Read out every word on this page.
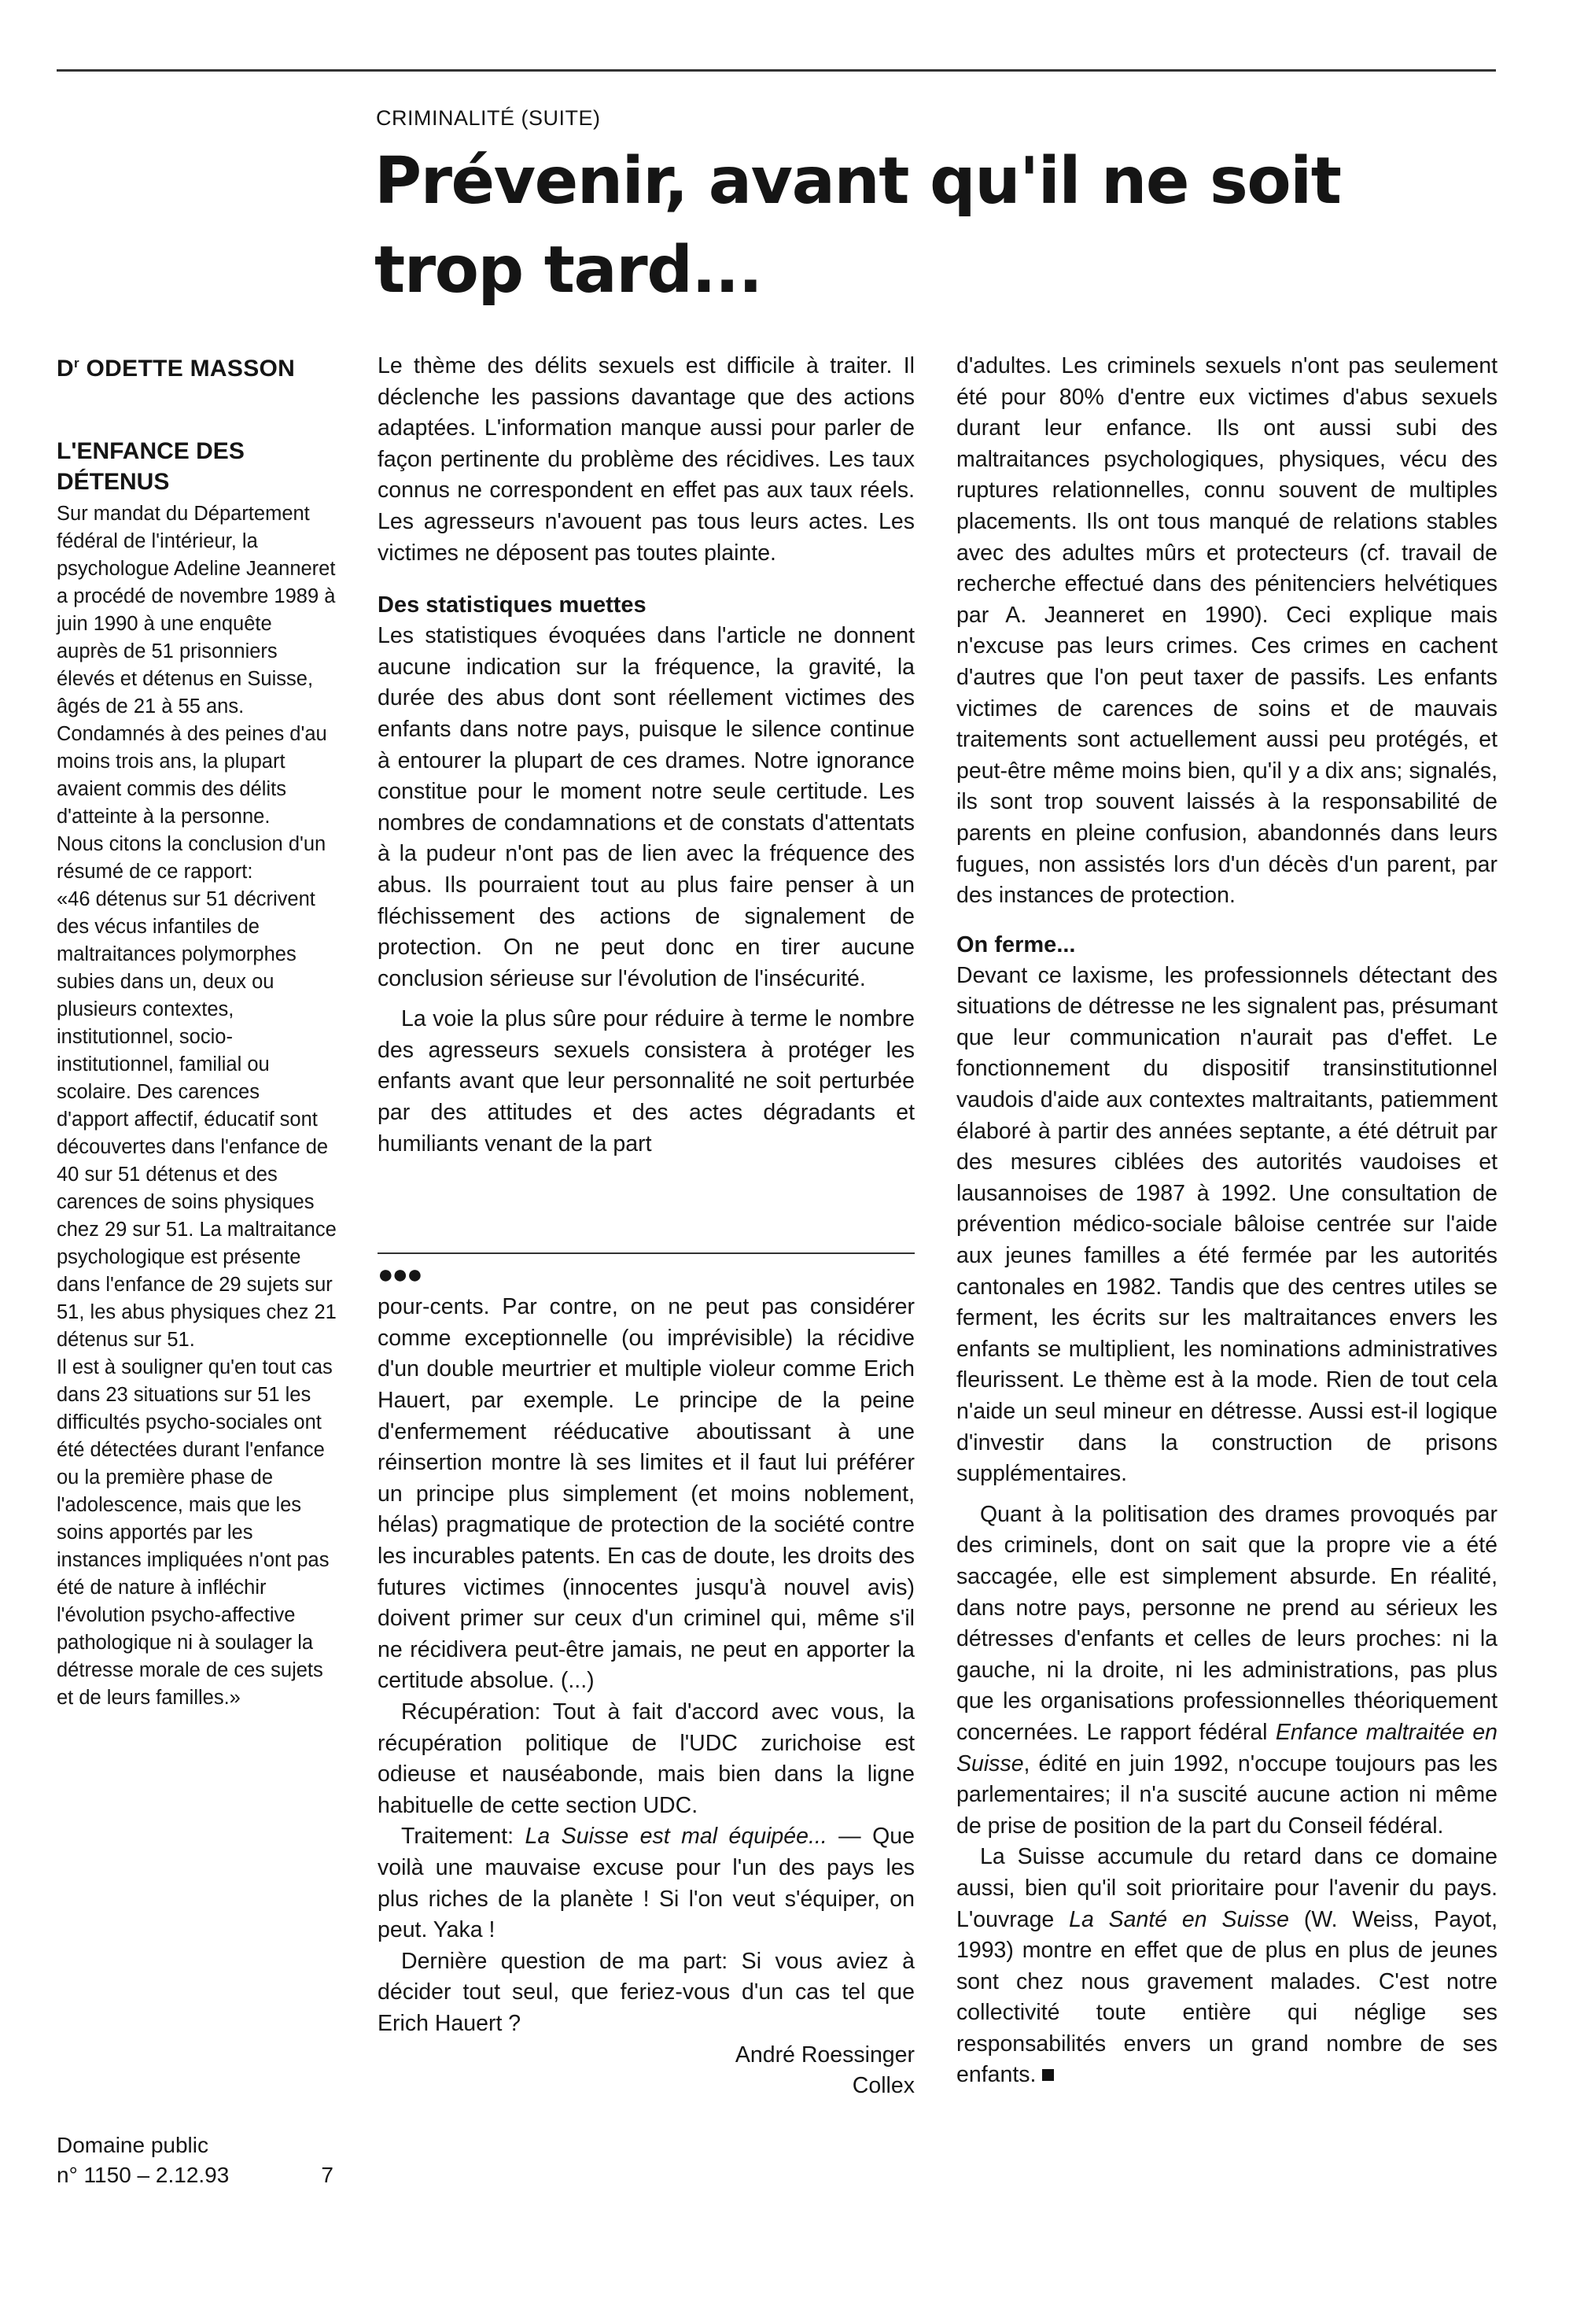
CRIMINALITÉ (SUITE)
Prévenir, avant qu'il ne soit
trop tard...
$D^r$ ODETTE MASSON
L'ENFANCE DES DÉTENUS

Sur mandat du Département fédéral de l'intérieur, la psychologue Adeline Jeanneret a procédé de novembre 1989 à juin 1990 à une enquête auprès de 51 prisonniers élevés et détenus en Suisse, âgés de 21 à 55 ans. Condamnés à des peines d'au moins trois ans, la plupart avaient commis des délits d'atteinte à la personne.

Nous citons la conclusion d'un résumé de ce rapport:

«46 détenus sur 51 décrivent des vécus infantiles de maltraitances polymorphes subies dans un, deux ou plusieurs contextes, institutionnel, socio-institutionnel, familial ou scolaire. Des carences d'apport affectif, éducatif sont découvertes dans l'enfance de 40 sur 51 détenus et des carences de soins physiques chez 29 sur 51. La maltraitance psychologique est présente dans l'enfance de 29 sujets sur 51, les abus physiques chez 21 détenus sur 51.

Il est à souligner qu'en tout cas dans 23 situations sur 51 les difficultés psycho-sociales ont été détectées durant l'enfance ou la première phase de l'adolescence, mais que les soins apportés par les instances impliquées n'ont pas été de nature à infléchir l'évolution psycho-affective pathologique ni à soulager la détresse morale de ces sujets et de leurs familles.»

Le thème des délits sexuels est difficile à traiter. Il déclenche les passions davantage que des actions adaptées. L'information manque aussi pour parler de façon pertinente du problème des récidives. Les taux connus ne correspondent en effet pas aux taux réels. Les agresseurs n'avouent pas tous leurs actes. Les victimes ne déposent pas toutes plainte.

Des statistiques muettes

Les statistiques évoquées dans l'article ne donnent aucune indication sur la fréquence, la gravité, la durée des abus dont sont réellement victimes des enfants dans notre pays, puisque le silence continue à entourer la plupart de ces drames. Notre ignorance constitue pour le moment notre seule certitude. Les nombres de condamnations et de constats d'attentats à la pudeur n'ont pas de lien avec la fréquence des abus. Ils pourraient tout au plus faire penser à un fléchissement des actions de signalement de protection. On ne peut donc en tirer aucune conclusion sérieuse sur l'évolution de l'insécurité.

La voie la plus sûre pour réduire à terme le nombre des agresseurs sexuels consistera à protéger les enfants avant que leur personnalité ne soit perturbée par des attitudes et des actes dégradants et humiliants venant de la part

●●●

pour-cents. Par contre, on ne peut pas considérer comme exceptionnelle (ou imprévisible) la récidive d'un double meurtrier et multiple violeur comme Erich Hauert, par exemple. Le principe de la peine d'enfermement rééducative aboutissant à une réinsertion montre là ses limites et il faut lui préférer un principe plus simplement (et moins noblement, hélas) pragmatique de protection de la société contre les incurables patents. En cas de doute, les droits des futures victimes (innocentes jusqu'à nouvel avis) doivent primer sur ceux d'un criminel qui, même s'il ne récidivera peut-être jamais, ne peut en apporter la certitude absolue. (...)

Récupération: Tout à fait d'accord avec vous, la récupération politique de l'UDC zurichoise est odieuse et nauséabonde, mais bien dans la ligne habituelle de cette section UDC.

Traitement: La Suisse est mal équipée... — Que voilà une mauvaise excuse pour l'un des pays les plus riches de la planète ! Si l'on veut s'équiper, on peut. Yaka !

Dernière question de ma part: Si vous aviez à décider tout seul, que feriez-vous d'un cas tel que Erich Hauert ?

André Roessinger

Collex

d'adultes. Les criminels sexuels n'ont pas seulement été pour 80% d'entre eux victimes d'abus sexuels durant leur enfance. Ils ont aussi subi des maltraitances psychologiques, physiques, vécu des ruptures relationnelles, connu souvent de multiples placements. Ils ont tous manqué de relations stables avec des adultes mûrs et protecteurs (cf. travail de recherche effectué dans des pénitenciers helvétiques par A. Jeanneret en 1990). Ceci explique mais n'excuse pas leurs crimes. Ces crimes en cachent d'autres que l'on peut taxer de passifs. Les enfants victimes de carences de soins et de mauvais traitements sont actuellement aussi peu protégés, et peut-être même moins bien, qu'il y a dix ans; signalés, ils sont trop souvent laissés à la responsabilité de parents en pleine confusion, abandonnés dans leurs fugues, non assistés lors d'un décès d'un parent, par des instances de protection.

On ferme...

Devant ce laxisme, les professionnels détectant des situations de détresse ne les signalent pas, présumant que leur communication n'aurait pas d'effet. Le fonctionnement du dispositif transinstitutionnel vaudois d'aide aux contextes maltraitants, patiemment élaboré à partir des années septante, a été détruit par des mesures ciblées des autorités vaudoises et lausannoises de 1987 à 1992. Une consultation de prévention médico-sociale bâloise centrée sur l'aide aux jeunes familles a été fermée par les autorités cantonales en 1982. Tandis que des centres utiles se ferment, les écrits sur les maltraitances envers les enfants se multiplient, les nominations administratives fleurissent. Le thème est à la mode. Rien de tout cela n'aide un seul mineur en détresse. Aussi est-il logique d'investir dans la construction de prisons supplémentaires.

Quant à la politisation des drames provoqués par des criminels, dont on sait que la propre vie a été saccagée, elle est simplement absurde. En réalité, dans notre pays, personne ne prend au sérieux les détresses d'enfants et celles de leurs proches: ni la gauche, ni la droite, ni les administrations, pas plus que les organisations professionnelles théoriquement concernées. Le rapport fédéral Enfance maltraitée en Suisse, édité en juin 1992, n'occupe toujours pas les parlementaires; il n'a suscité aucune action ni même de prise de position de la part du Conseil fédéral.

La Suisse accumule du retard dans ce domaine aussi, bien qu'il soit prioritaire pour l'avenir du pays. L'ouvrage La Santé en Suisse (W. Weiss, Payot, 1993) montre en effet que de plus en plus de jeunes sont chez nous gravement malades. C'est notre collectivité toute entière qui néglige ses responsabilités envers un grand nombre de ses enfants.

Domaine public
n° 1150 – 2.12.93	7
